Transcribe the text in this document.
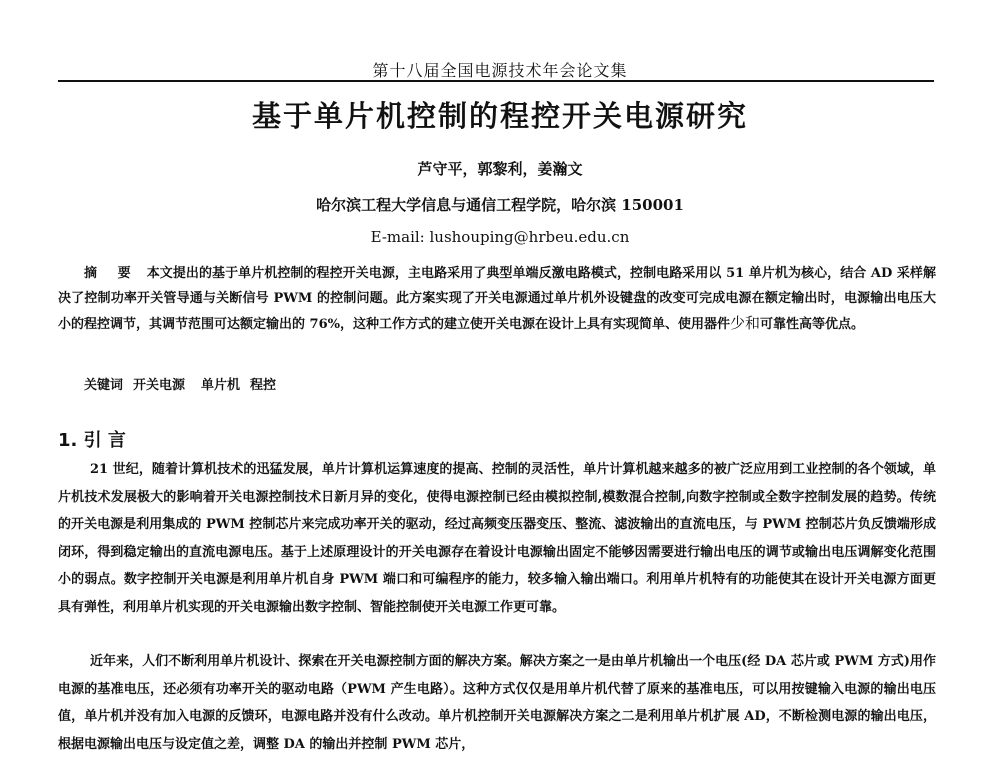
第十八届全国电源技术年会论文集
基于单片机控制的程控开关电源研究
芦守平，郭黎利，姜瀚文
哈尔滨工程大学信息与通信工程学院，哈尔滨 150001
E-mail: lushouping@hrbeu.edu.cn
摘 要 本文提出的基于单片机控制的程控开关电源，主电路采用了典型单端反激电路模式，控制电路采用以 51 单片机为核心，结合 AD 采样解决了控制功率开关管导通与关断信号 PWM 的控制问题。此方案实现了开关电源通过单片机外设键盘的改变可完成电源在额定输出时，电源输出电压大小的程控调节，其调节范围可达额定输出的 76%，这种工作方式的建立使开关电源在设计上具有实现简单、使用器件少和可靠性高等优点。
关键词 开关电源 单片机 程控
1. 引 言
21 世纪，随着计算机技术的迅猛发展，单片计算机运算速度的提高、控制的灵活性，单片计算机越来越多的被广泛应用到工业控制的各个领域，单片机技术发展极大的影响着开关电源控制技术日新月异的变化，使得电源控制已经由模拟控制,模数混合控制,向数字控制或全数字控制发展的趋势。传统的开关电源是利用集成的 PWM 控制芯片来完成功率开关的驱动，经过高频变压器变压、整流、滤波输出的直流电压，与 PWM 控制芯片负反馈端形成闭环，得到稳定输出的直流电源电压。基于上述原理设计的开关电源存在着设计电源输出固定不能够因需要进行输出电压的调节或输出电压调解变化范围小的弱点。数字控制开关电源是利用单片机自身 PWM 端口和可编程序的能力，较多输入输出端口。利用单片机特有的功能使其在设计开关电源方面更具有弹性，利用单片机实现的开关电源输出数字控制、智能控制使开关电源工作更可靠。
近年来，人们不断利用单片机设计、探索在开关电源控制方面的解决方案。解决方案之一是由单片机输出一个电压(经 DA 芯片或 PWM 方式)用作电源的基准电压，还必须有功率开关的驱动电路（PWM 产生电路）。这种方式仅仅是用单片机代替了原来的基准电压，可以用按键输入电源的输出电压值，单片机并没有加入电源的反馈环，电源电路并没有什么改动。单片机控制开关电源解决方案之二是利用单片机扩展 AD，不断检测电源的输出电压，根据电源输出电压与设定值之差，调整 DA 的输出并控制 PWM 芯片，
